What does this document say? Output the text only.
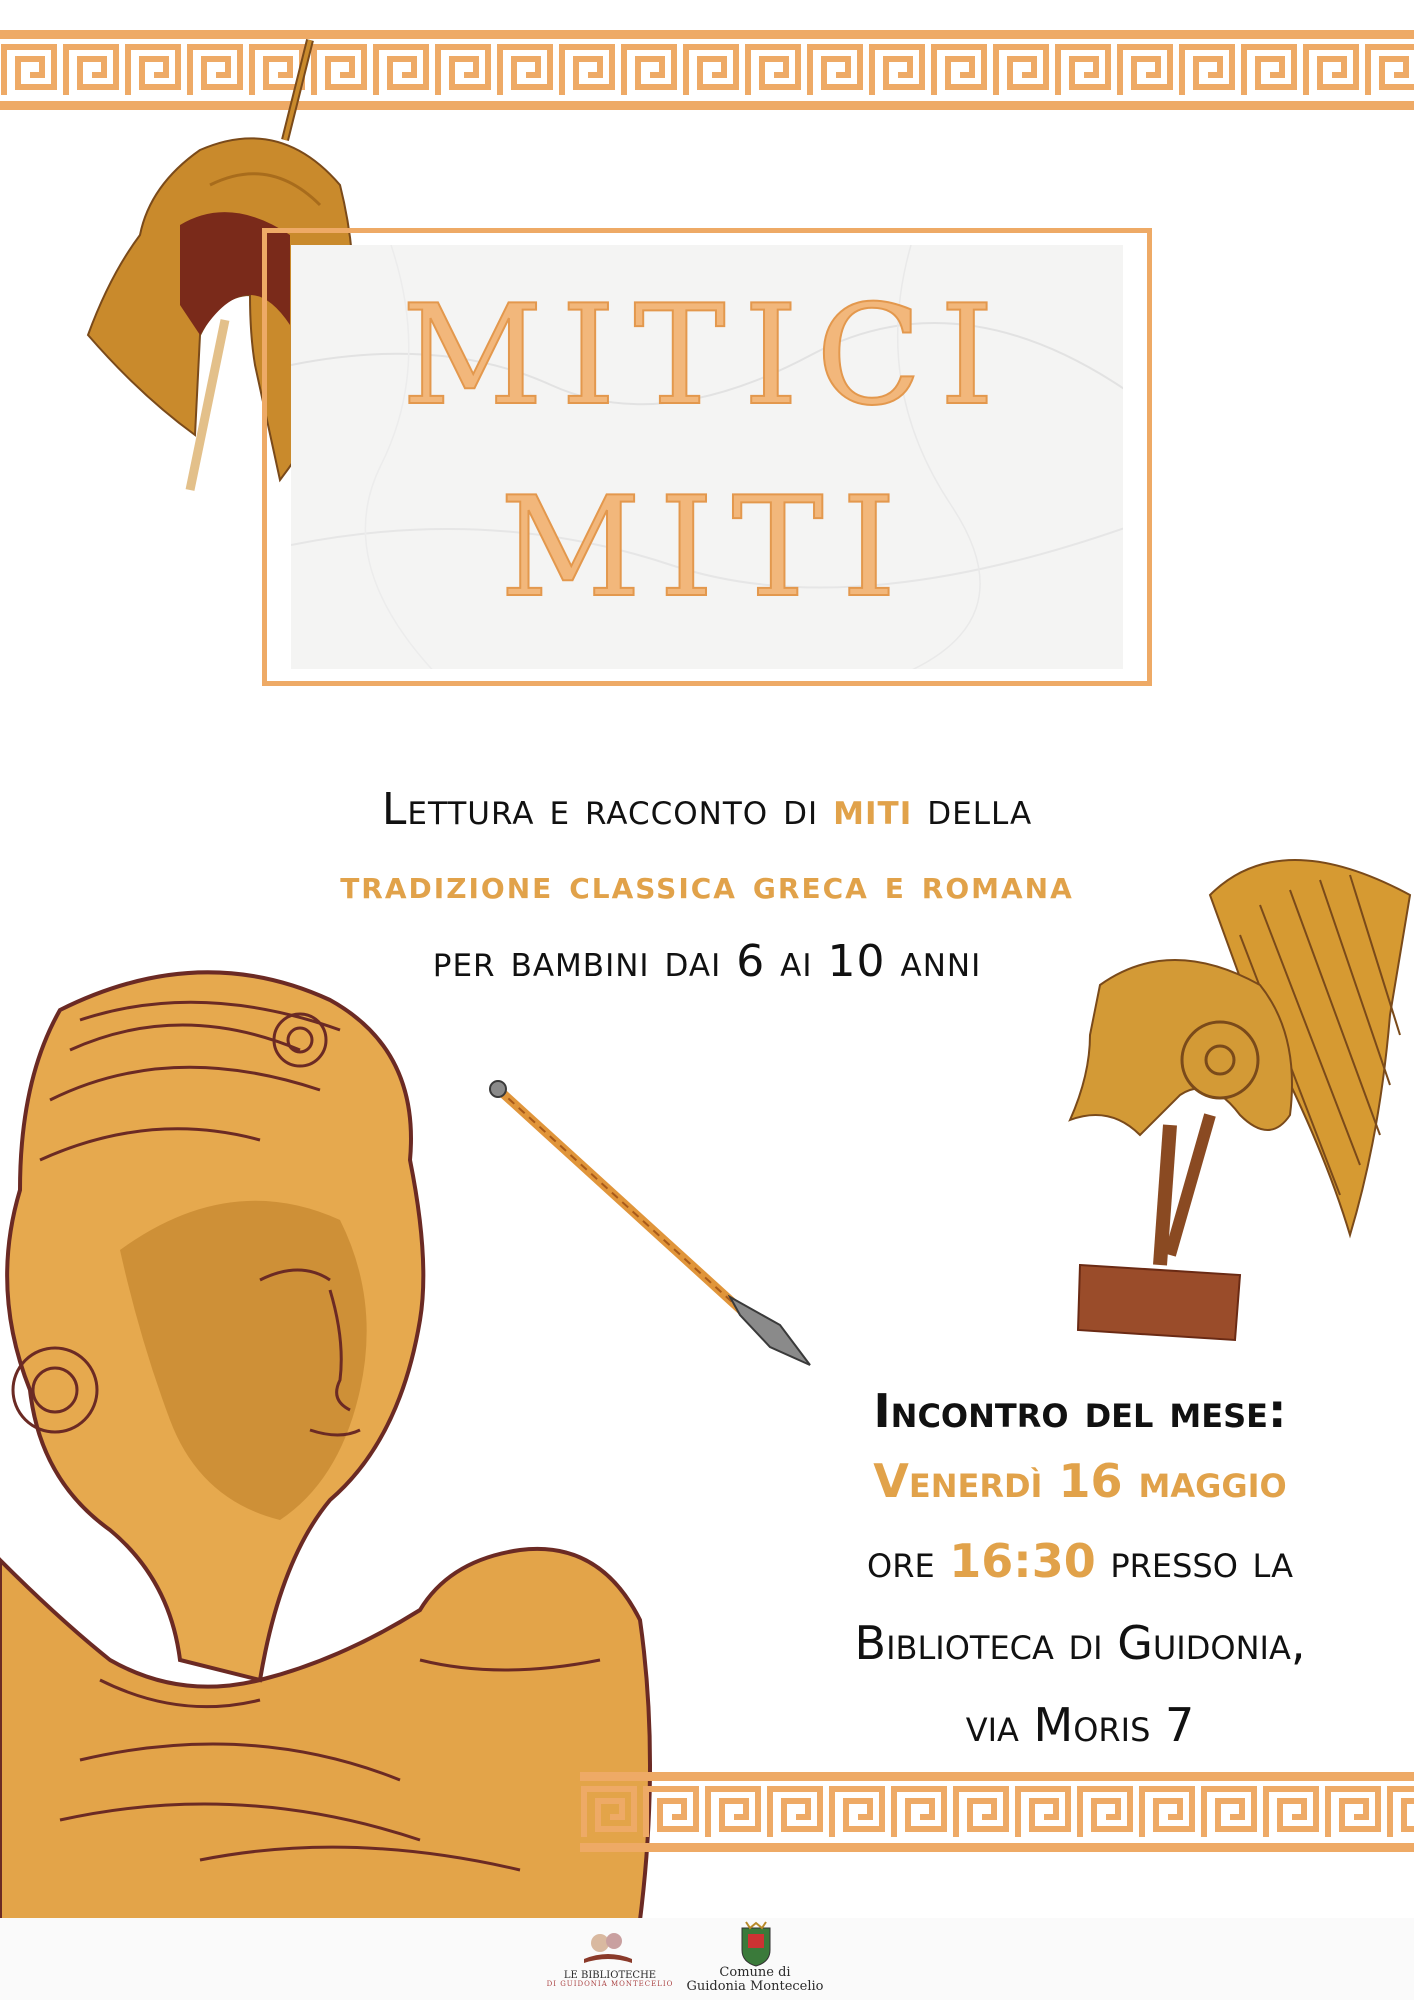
MITICI
MITI
Lettura e racconto di miti della
tradizione classica greca e romana
per bambini dai 6 ai 10 anni
Incontro del mese:
Venerdì 16 maggio
ore 16:30 presso la
Biblioteca di Guidonia,
via Moris 7
LE BIBLIOTECHE
DI GUIDONIA MONTECELIO
Comune di
Guidonia Montecelio
